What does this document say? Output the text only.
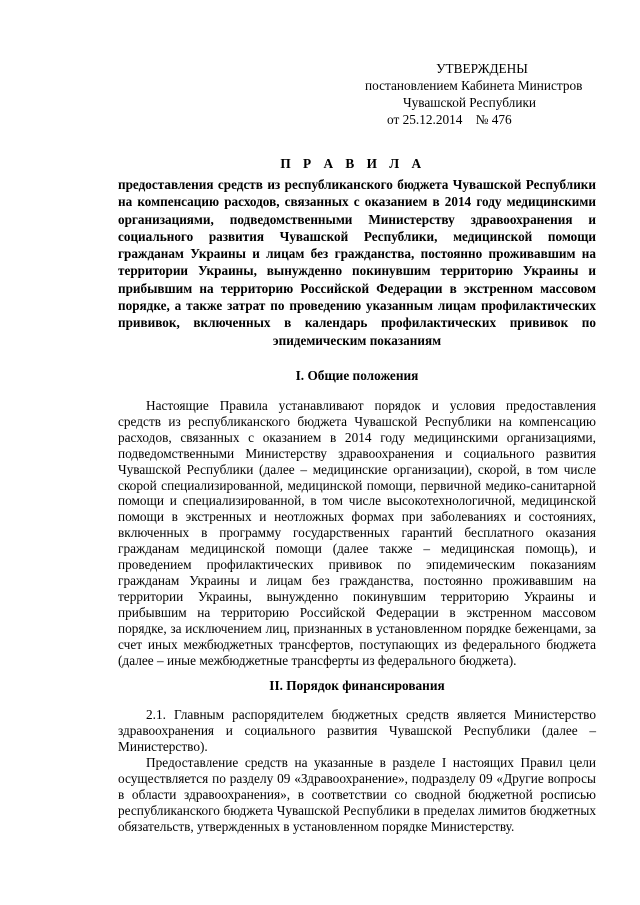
УТВЕРЖДЕНЫ
постановлением Кабинета Министров
Чувашской Республики
от 25.12.2014    № 476
П Р А В И Л А
предоставления средств из республиканского бюджета Чувашской Республики на компенсацию расходов, связанных с оказанием в 2014 году медицинскими организациями, подведомственными Министерству здравоохранения и социального развития Чувашской Республики, медицинской помощи гражданам Украины и лицам без гражданства, постоянно проживавшим на территории Украины, вынужденно покинувшим территорию Украины и прибывшим на территорию Российской Федерации в экстренном массовом порядке, а также затрат по проведению указанным лицам профилактических прививок, включенных в календарь профилактических прививок по эпидемическим показаниям
I. Общие положения

Настоящие Правила устанавливают порядок и условия предоставления средств из республиканского бюджета Чувашской Республики на компенсацию расходов, связанных с оказанием в 2014 году медицинскими организациями, подведомственными Министерству здравоохранения и социального развития Чувашской Республики (далее – медицинские организации), скорой, в том числе скорой специализированной, медицинской помощи, первичной медико-санитарной помощи и специализированной, в том числе высокотехнологичной, медицинской помощи в экстренных и неотложных формах при заболеваниях и состояниях, включенных в программу государственных гарантий бесплатного оказания гражданам медицинской помощи (далее также – медицинская помощь), и проведением профилактических прививок по эпидемическим показаниям гражданам Украины и лицам без гражданства, постоянно проживавшим на территории Украины, вынужденно покинувшим территорию Украины и прибывшим на территорию Российской Федерации в экстренном массовом порядке, за исключением лиц, признанных в установленном порядке беженцами, за счет иных межбюджетных трансфертов, поступающих из федерального бюджета (далее – иные межбюджетные трансферты из федерального бюджета).

II. Порядок финансирования

2.1. Главным распорядителем бюджетных средств является Министерство здравоохранения и социального развития Чувашской Республики (далее – Министерство).

Предоставление средств на указанные в разделе I настоящих Правил цели осуществляется по разделу 09 «Здравоохранение», подразделу 09 «Другие вопросы в области здравоохранения», в соответствии со сводной бюджетной росписью республиканского бюджета Чувашской Республики в пределах лимитов бюджетных обязательств, утвержденных в установленном порядке Министерству.
